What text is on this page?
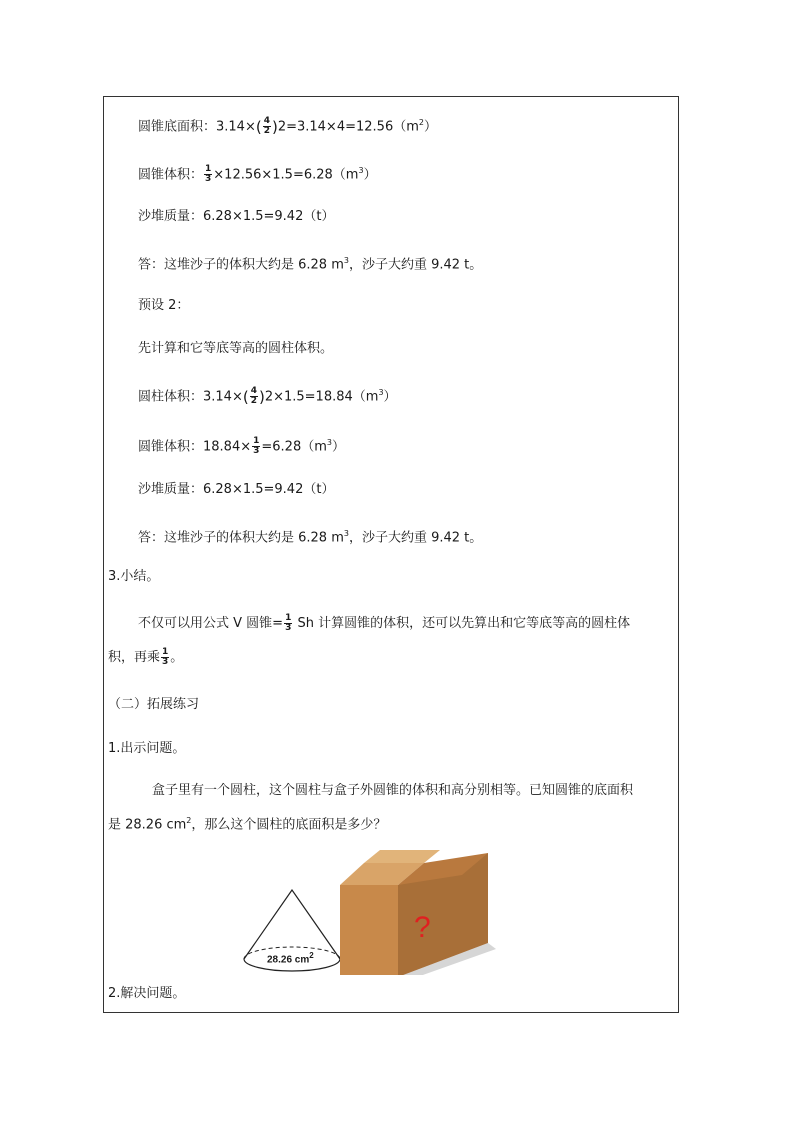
圆锥底面积：$3.14\times( \frac{4}{2} )2=3.14\times 4=12.56(m^2)$
圆锥体积： $\frac{1}{3} \times 12.56\times 1.5=6.28(m^3)$
沙堆质量：6.28×1.5=9.42（t）
答：这堆沙子的体积大约是 6.28 $m^3$，沙子大约重 9.42 t。
预设 2：
先计算和它等底等高的圆柱体积。
圆柱体积：$3.14\times( \frac{4}{2} )2\times 1.5=18.84(m^3)$
圆锥体积：$18.84\times \frac{1}{3} =6.28(m^3)$
沙堆质量：6.28×1.5=9.42（t）
答：这堆沙子的体积大约是 6.28 $m^3$，沙子大约重 9.42 t。
3.小结。
不仅可以用公式 V 圆锥= $\frac{1}{3}$ Sh 计算圆锥的体积，还可以先算出和它等底等高的圆柱体
积，再乘 $\frac{1}{3}$ 。
（二）拓展练习
1.出示问题。
盒子里有一个圆柱，这个圆柱与盒子外圆锥的体积和高分别相等。已知圆锥的底面积
是 28.26 $cm^2$，那么这个圆柱的底面积是多少？
28.26 $cm^2$
?
2.解决问题。
